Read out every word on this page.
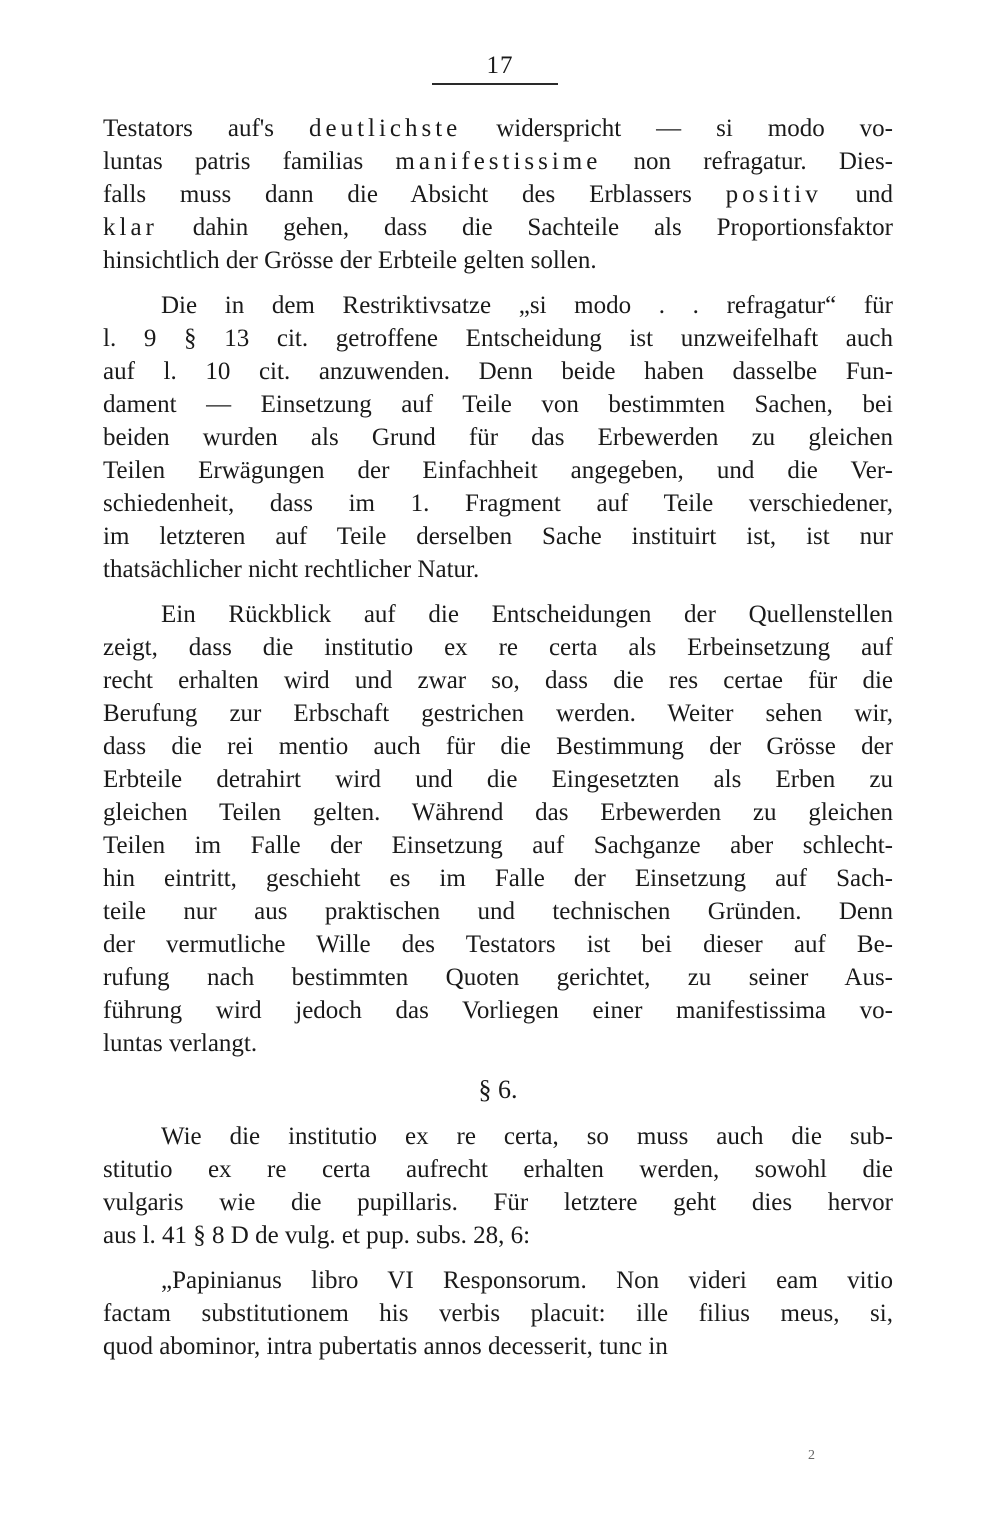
17
Testators auf's deutlichste widerspricht — si modo vo-
luntas patris familias manifestissime non refragatur. Dies-
falls muss dann die Absicht des Erblassers positiv und
klar dahin gehen, dass die Sachteile als Proportionsfaktor
hinsichtlich der Grösse der Erbteile gelten sollen.
Die in dem Restriktivsatze „si modo . . refragatur“ für
l. 9 § 13 cit. getroffene Entscheidung ist unzweifelhaft auch
auf l. 10 cit. anzuwenden. Denn beide haben dasselbe Fun-
dament — Einsetzung auf Teile von bestimmten Sachen, bei
beiden wurden als Grund für das Erbewerden zu gleichen
Teilen Erwägungen der Einfachheit angegeben, und die Ver-
schiedenheit, dass im 1. Fragment auf Teile verschiedener,
im letzteren auf Teile derselben Sache instituirt ist, ist nur
thatsächlicher nicht rechtlicher Natur.
Ein Rückblick auf die Entscheidungen der Quellenstellen
zeigt, dass die institutio ex re certa als Erbeinsetzung auf
recht erhalten wird und zwar so, dass die res certae für die
Berufung zur Erbschaft gestrichen werden. Weiter sehen wir,
dass die rei mentio auch für die Bestimmung der Grösse der
Erbteile detrahirt wird und die Eingesetzten als Erben zu
gleichen Teilen gelten. Während das Erbewerden zu gleichen
Teilen im Falle der Einsetzung auf Sachganze aber schlecht-
hin eintritt, geschieht es im Falle der Einsetzung auf Sach-
teile nur aus praktischen und technischen Gründen. Denn
der vermutliche Wille des Testators ist bei dieser auf Be-
rufung nach bestimmten Quoten gerichtet, zu seiner Aus-
führung wird jedoch das Vorliegen einer manifestissima vo-
luntas verlangt.
§ 6.
Wie die institutio ex re certa, so muss auch die sub-
stitutio ex re certa aufrecht erhalten werden, sowohl die
vulgaris wie die pupillaris. Für letztere geht dies hervor
aus l. 41 § 8 D de vulg. et pup. subs. 28, 6:
„Papinianus libro VI Responsorum. Non videri eam vitio
factam substitutionem his verbis placuit: ille filius meus, si,
quod abominor, intra pubertatis annos decesserit, tunc in
2
